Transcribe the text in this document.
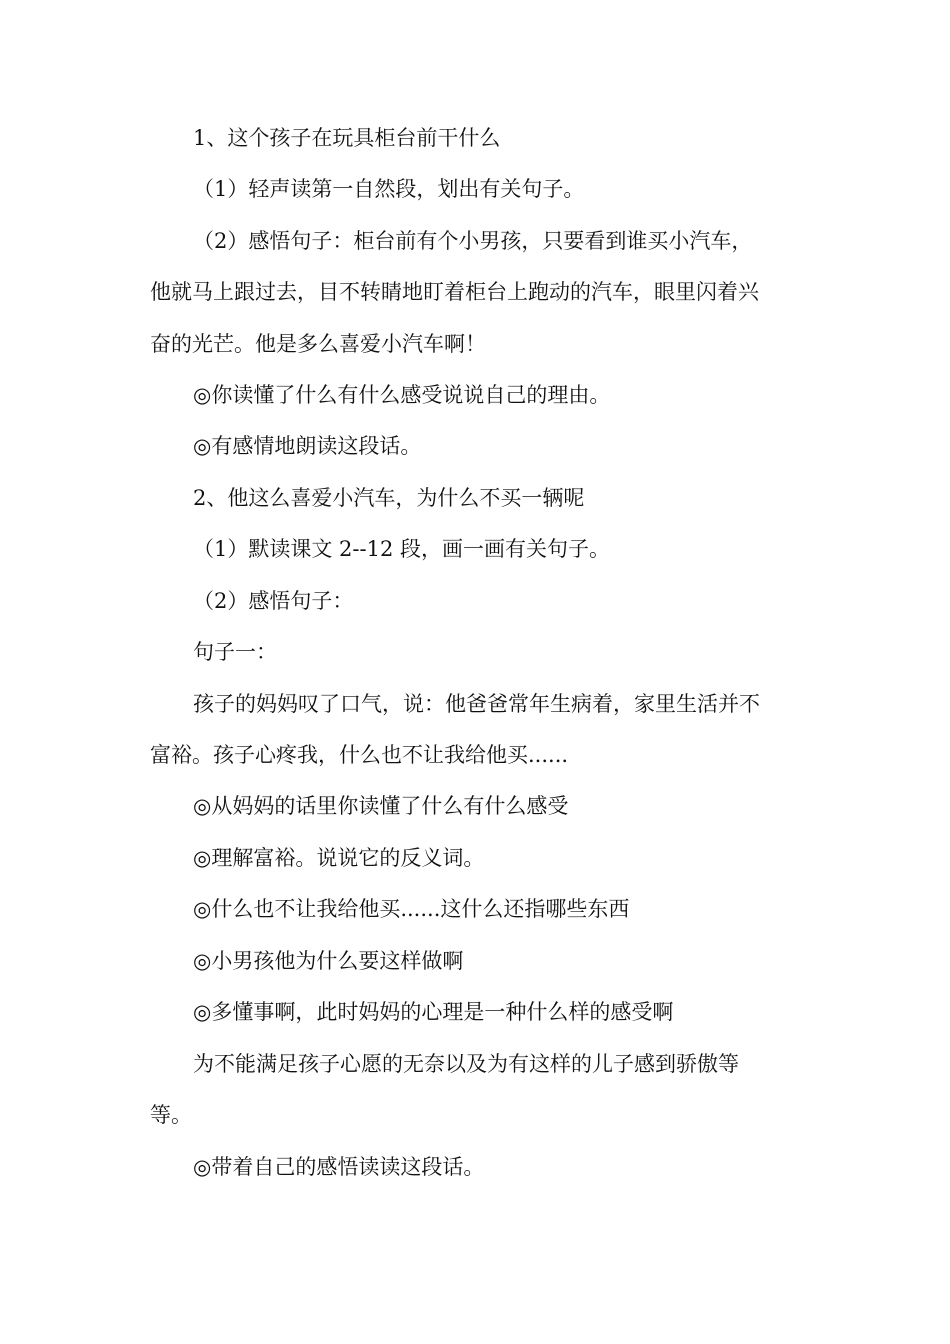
1、这个孩子在玩具柜台前干什么
（1）轻声读第一自然段，划出有关句子。
（2）感悟句子：柜台前有个小男孩，只要看到谁买小汽车，
他就马上跟过去，目不转睛地盯着柜台上跑动的汽车，眼里闪着兴
奋的光芒。他是多么喜爱小汽车啊！
◎你读懂了什么有什么感受说说自己的理由。
◎有感情地朗读这段话。
2、他这么喜爱小汽车，为什么不买一辆呢
（1）默读课文 2--12 段，画一画有关句子。
（2）感悟句子：
句子一：
孩子的妈妈叹了口气，说：他爸爸常年生病着，家里生活并不
富裕。孩子心疼我，什么也不让我给他买......
◎从妈妈的话里你读懂了什么有什么感受
◎理解富裕。说说它的反义词。
◎什么也不让我给他买......这什么还指哪些东西
◎小男孩他为什么要这样做啊
◎多懂事啊，此时妈妈的心理是一种什么样的感受啊
为不能满足孩子心愿的无奈以及为有这样的儿子感到骄傲等
等。
◎带着自己的感悟读读这段话。
